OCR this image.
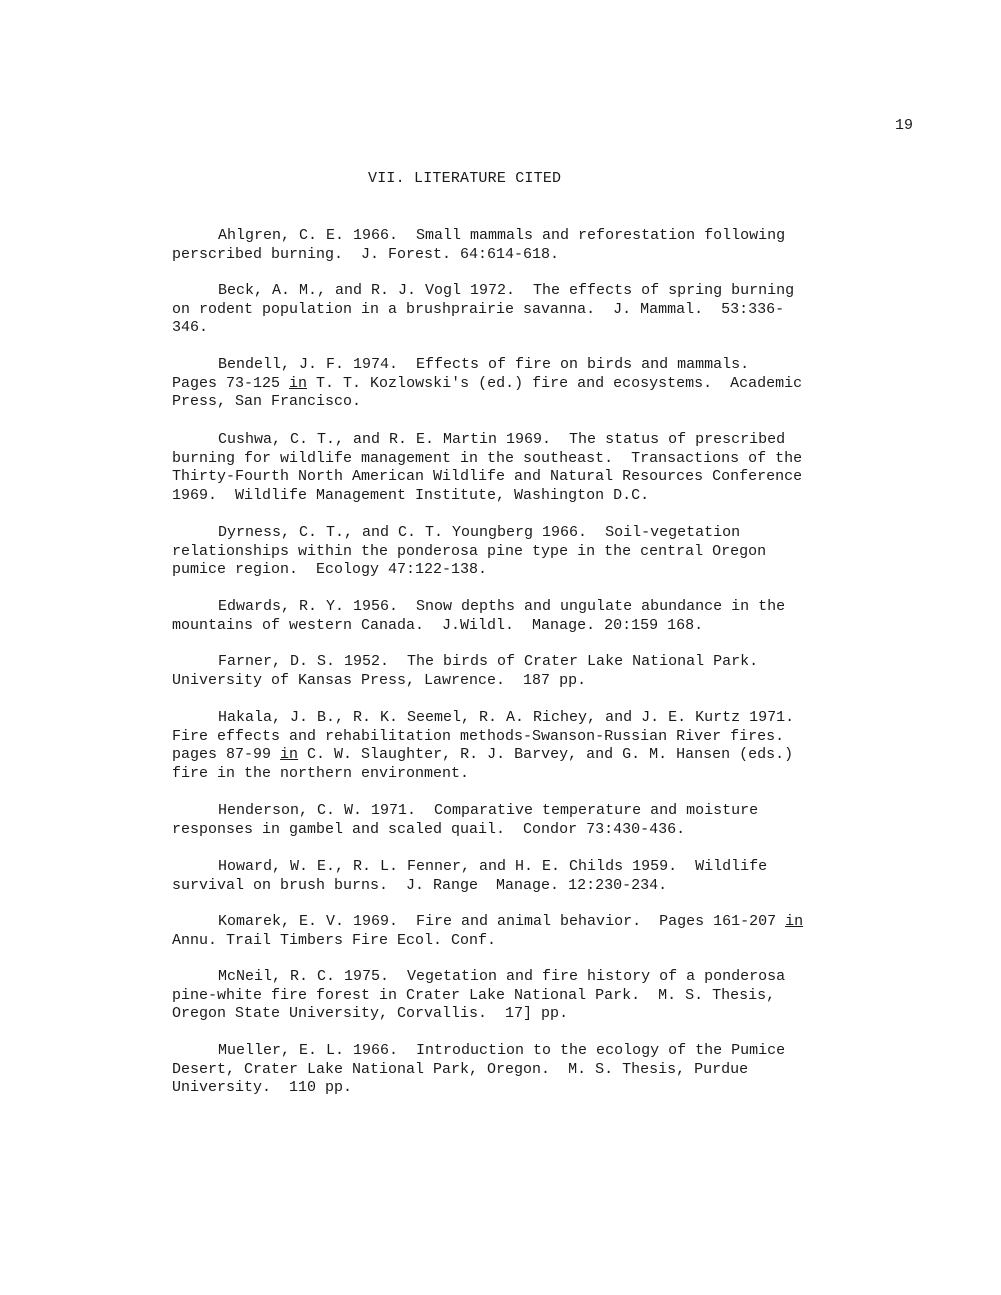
19
VII. LITERATURE CITED
Ahlgren, C. E. 1966.  Small mammals and reforestation following
perscribed burning.  J. Forest. 64:614-618.
Beck, A. M., and R. J. Vogl 1972.  The effects of spring burning
on rodent population in a brushprairie savanna.  J. Mammal.  53:336-
346.
Bendell, J. F. 1974.  Effects of fire on birds and mammals.
Pages 73-125 in T. T. Kozlowski's (ed.) fire and ecosystems.  Academic
Press, San Francisco.
Cushwa, C. T., and R. E. Martin 1969.  The status of prescribed
burning for wildlife management in the southeast.  Transactions of the
Thirty-Fourth North American Wildlife and Natural Resources Conference
1969.  Wildlife Management Institute, Washington D.C.
Dyrness, C. T., and C. T. Youngberg 1966.  Soil-vegetation
relationships within the ponderosa pine type in the central Oregon
pumice region.  Ecology 47:122-138.
Edwards, R. Y. 1956.  Snow depths and ungulate abundance in the
mountains of western Canada.  J.Wildl.  Manage. 20:159 168.
Farner, D. S. 1952.  The birds of Crater Lake National Park.
University of Kansas Press, Lawrence.  187 pp.
Hakala, J. B., R. K. Seemel, R. A. Richey, and J. E. Kurtz 1971.
Fire effects and rehabilitation methods-Swanson-Russian River fires.
pages 87-99 in C. W. Slaughter, R. J. Barvey, and G. M. Hansen (eds.)
fire in the northern environment.
Henderson, C. W. 1971.  Comparative temperature and moisture
responses in gambel and scaled quail.  Condor 73:430-436.
Howard, W. E., R. L. Fenner, and H. E. Childs 1959.  Wildlife
survival on brush burns.  J. Range  Manage. 12:230-234.
Komarek, E. V. 1969.  Fire and animal behavior.  Pages 161-207 in
Annu. Trail Timbers Fire Ecol. Conf.
McNeil, R. C. 1975.  Vegetation and fire history of a ponderosa
pine-white fire forest in Crater Lake National Park.  M. S. Thesis,
Oregon State University, Corvallis.  17] pp.
Mueller, E. L. 1966.  Introduction to the ecology of the Pumice
Desert, Crater Lake National Park, Oregon.  M. S. Thesis, Purdue
University.  110 pp.
